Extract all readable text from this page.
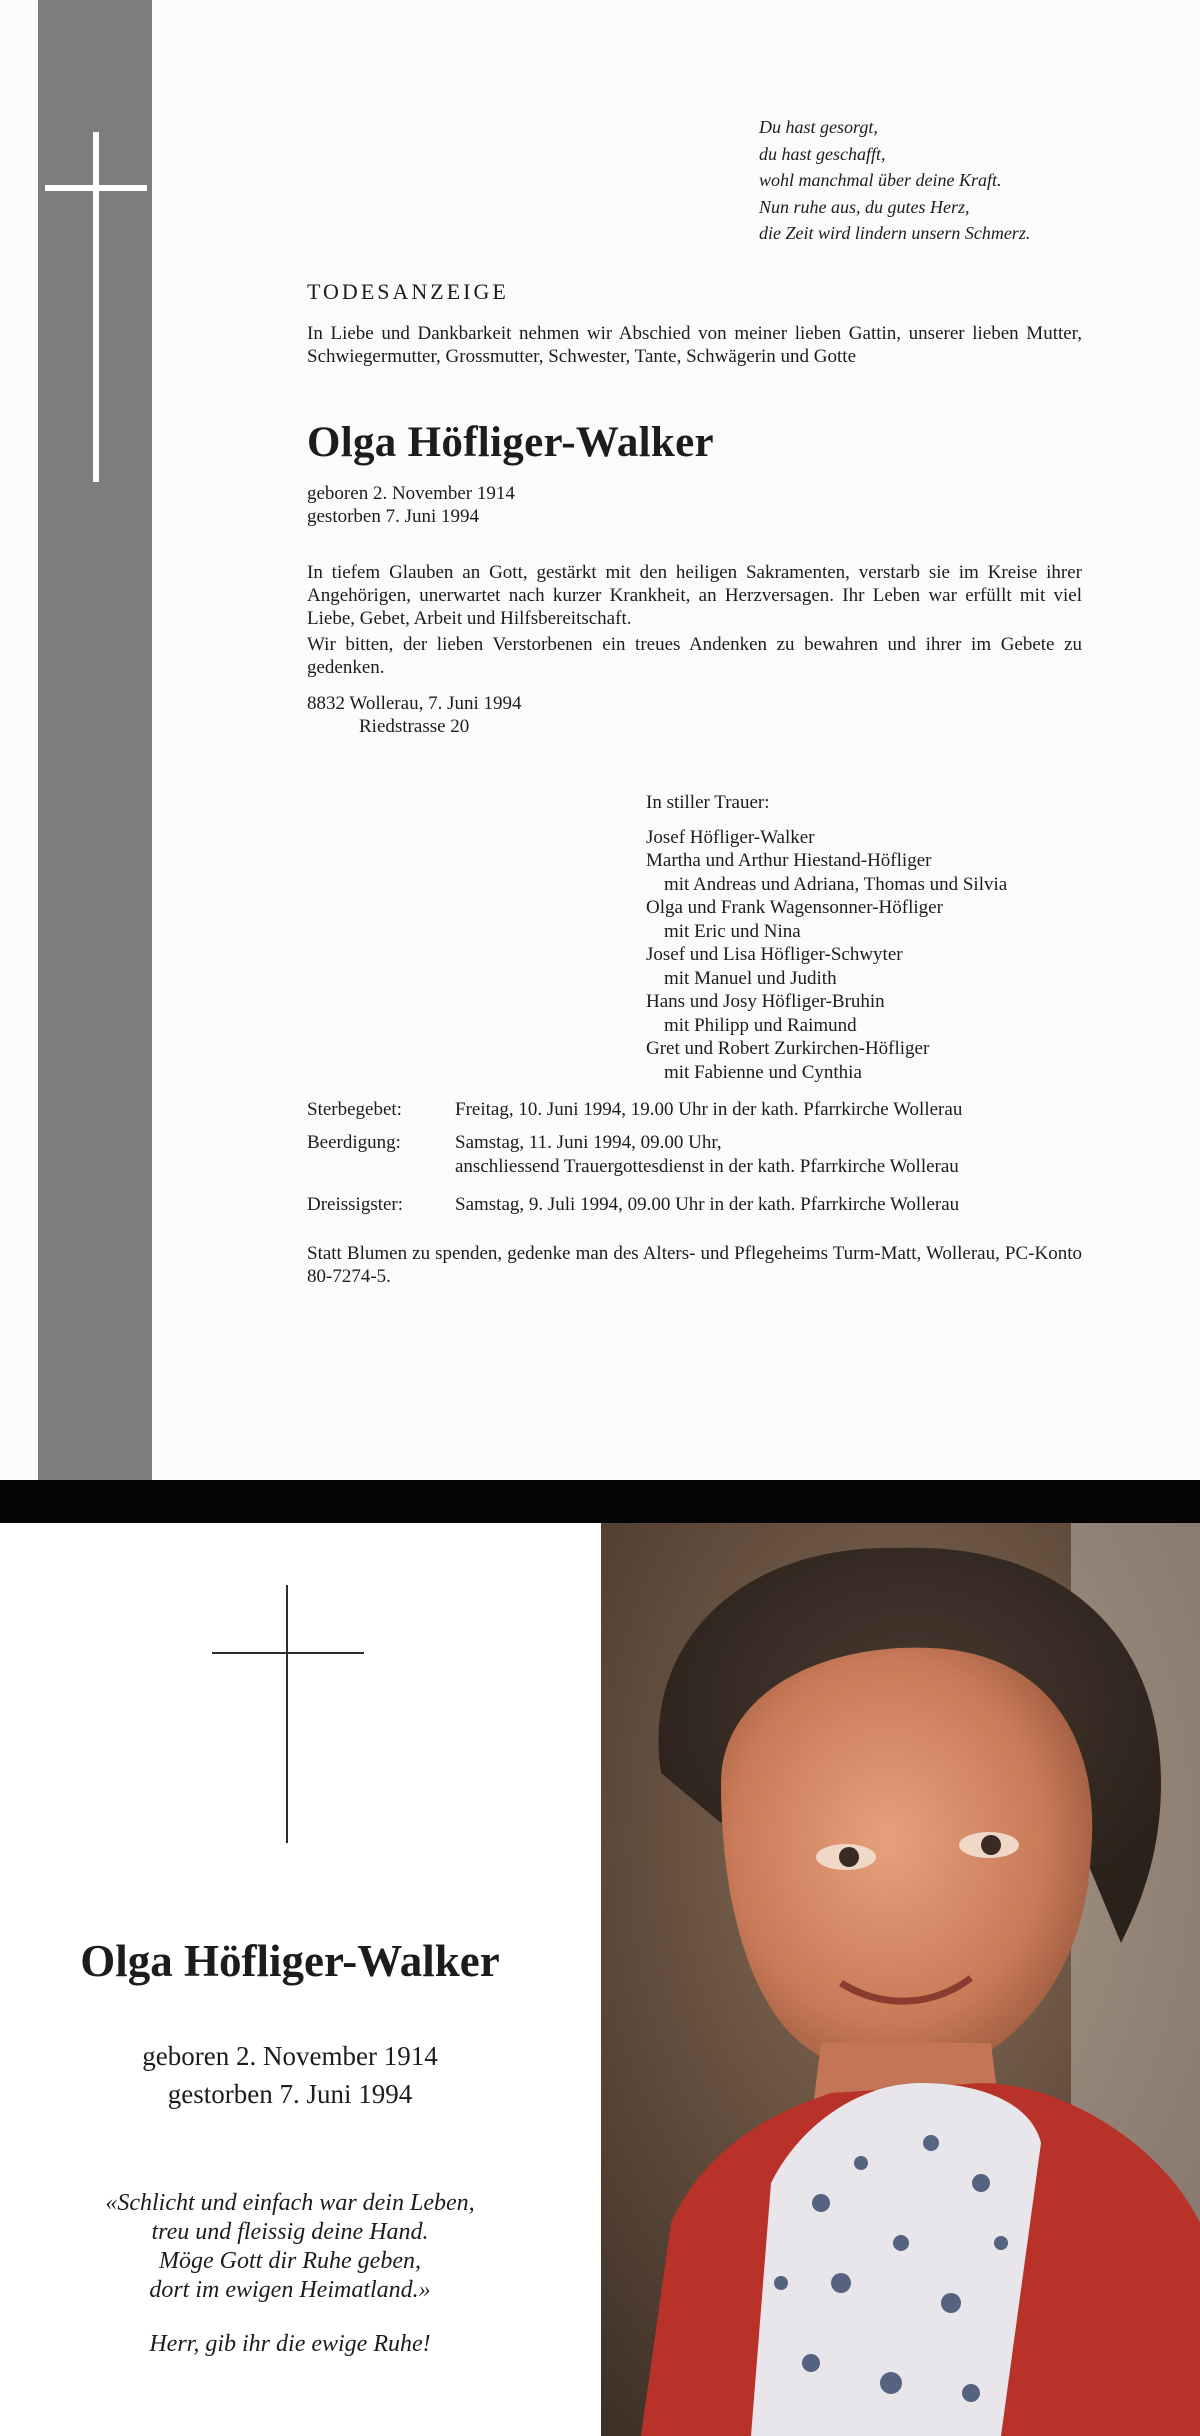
Du hast gesorgt,
du hast geschafft,
wohl manchmal über deine Kraft.
Nun ruhe aus, du gutes Herz,
die Zeit wird lindern unsern Schmerz.
TODESANZEIGE
In Liebe und Dankbarkeit nehmen wir Abschied von meiner lieben Gattin, unserer lieben Mutter, Schwiegermutter, Grossmutter, Schwester, Tante, Schwägerin und Gotte
Olga Höfliger-Walker
geboren 2. November 1914
gestorben 7. Juni 1994
In tiefem Glauben an Gott, gestärkt mit den heiligen Sakramenten, verstarb sie im Kreise ihrer Angehörigen, unerwartet nach kurzer Krankheit, an Herzversagen. Ihr Leben war erfüllt mit viel Liebe, Gebet, Arbeit und Hilfsbereitschaft.
Wir bitten, der lieben Verstorbenen ein treues Andenken zu bewahren und ihrer im Gebete zu gedenken.
8832 Wollerau, 7. Juni 1994
Riedstrasse 20
In stiller Trauer:
Josef Höfliger-Walker
Martha und Arthur Hiestand-Höfliger
mit Andreas und Adriana, Thomas und Silvia
Olga und Frank Wagensonner-Höfliger
mit Eric und Nina
Josef und Lisa Höfliger-Schwyter
mit Manuel und Judith
Hans und Josy Höfliger-Bruhin
mit Philipp und Raimund
Gret und Robert Zurkirchen-Höfliger
mit Fabienne und Cynthia
Sterbegebet:	Freitag, 10. Juni 1994, 19.00 Uhr in der kath. Pfarrkirche Wollerau
Beerdigung:	Samstag, 11. Juni 1994, 09.00 Uhr,
anschliessend Trauergottesdienst in der kath. Pfarrkirche Wollerau
Dreissigster:	Samstag, 9. Juli 1994, 09.00 Uhr in der kath. Pfarrkirche Wollerau
Statt Blumen zu spenden, gedenke man des Alters- und Pflegeheims Turm-Matt, Wollerau, PC-Konto 80-7274-5.
Olga Höfliger-Walker
geboren 2. November 1914
gestorben 7. Juni 1994
«Schlicht und einfach war dein Leben,
treu und fleissig deine Hand.
Möge Gott dir Ruhe geben,
dort im ewigen Heimatland.»
Herr, gib ihr die ewige Ruhe!
